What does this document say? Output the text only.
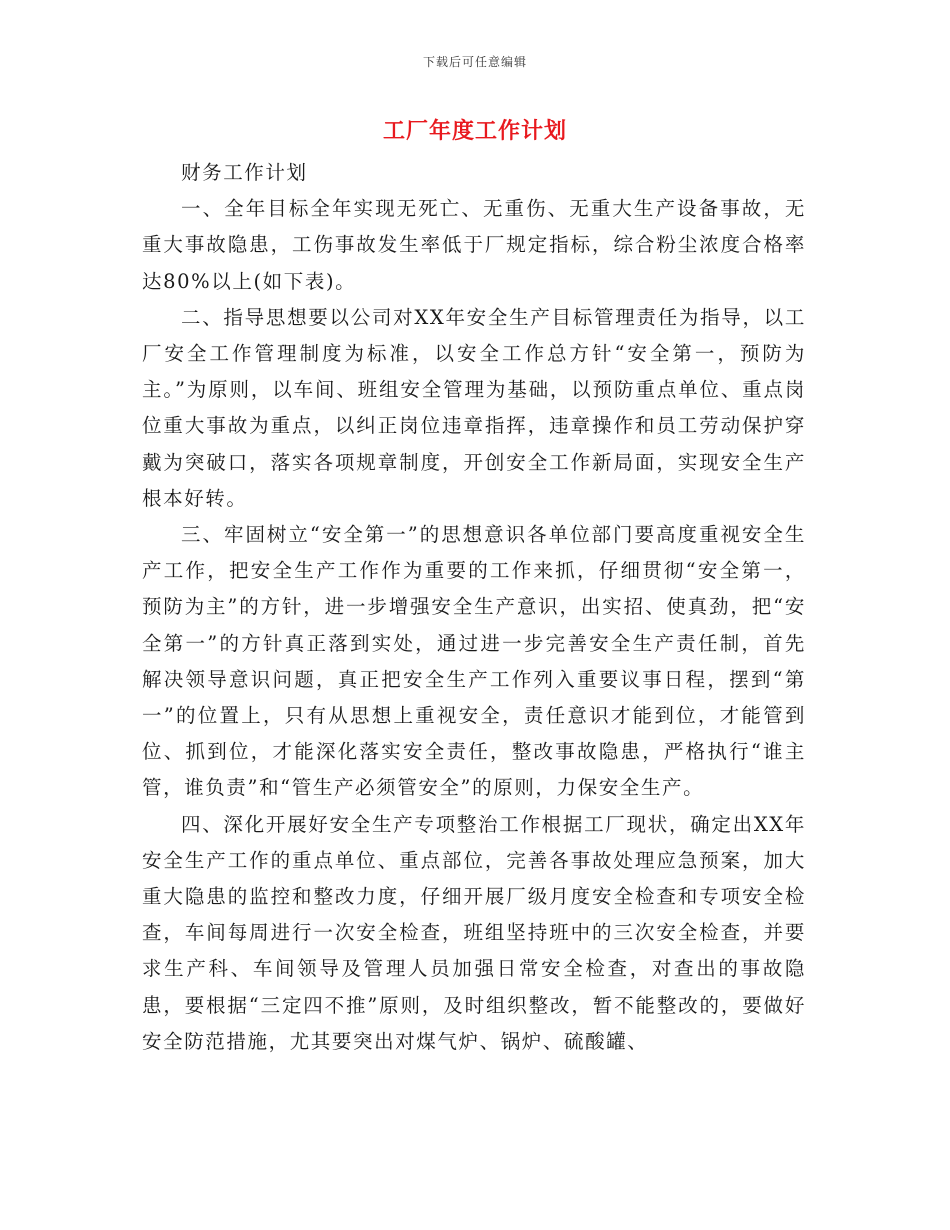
下载后可任意编辑
工厂年度工作计划

财务工作计划

一、全年目标全年实现无死亡、无重伤、无重大生产设备事故，无重大事故隐患，工伤事故发生率低于厂规定指标，综合粉尘浓度合格率达80%以上(如下表)。

二、指导思想要以公司对XX年安全生产目标管理责任为指导，以工厂安全工作管理制度为标准，以安全工作总方针“安全第一，预防为主。”为原则，以车间、班组安全管理为基础，以预防重点单位、重点岗位重大事故为重点，以纠正岗位违章指挥，违章操作和员工劳动保护穿戴为突破口，落实各项规章制度，开创安全工作新局面，实现安全生产根本好转。

三、牢固树立“安全第一”的思想意识各单位部门要高度重视安全生产工作，把安全生产工作作为重要的工作来抓，仔细贯彻“安全第一，预防为主”的方针，进一步增强安全生产意识，出实招、使真劲，把“安全第一”的方针真正落到实处，通过进一步完善安全生产责任制，首先解决领导意识问题，真正把安全生产工作列入重要议事日程，摆到“第一”的位置上，只有从思想上重视安全，责任意识才能到位，才能管到位、抓到位，才能深化落实安全责任，整改事故隐患，严格执行“谁主管，谁负责”和“管生产必须管安全”的原则，力保安全生产。

四、深化开展好安全生产专项整治工作根据工厂现状，确定出XX年安全生产工作的重点单位、重点部位，完善各事故处理应急预案，加大重大隐患的监控和整改力度，仔细开展厂级月度安全检查和专项安全检查，车间每周进行一次安全检查，班组坚持班中的三次安全检查，并要求生产科、车间领导及管理人员加强日常安全检查，对查出的事故隐患，要根据“三定四不推”原则，及时组织整改，暂不能整改的，要做好安全防范措施，尤其要突出对煤气炉、锅炉、硫酸罐、
